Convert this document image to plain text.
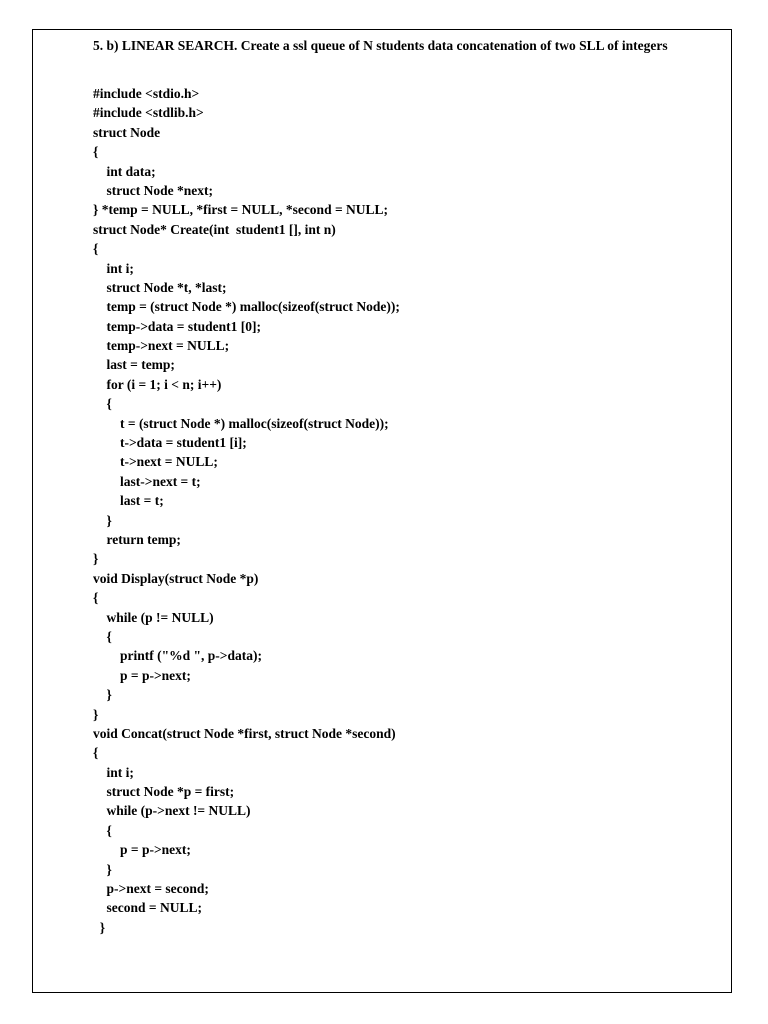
5. b) LINEAR SEARCH. Create a ssl queue of N students data concatenation of two SLL of integers

#include <stdio.h>
#include <stdlib.h>
struct Node
{
int data;
struct Node *next;
} *temp = NULL, *first = NULL, *second = NULL;
struct Node* Create(int  student1 [], int n)
{
int i;
struct Node *t, *last;
temp = (struct Node *) malloc(sizeof(struct Node));
temp->data = student1 [0];
temp->next = NULL;
last = temp;
for (i = 1; i < n; i++)
{
t = (struct Node *) malloc(sizeof(struct Node));
t->data = student1 [i];
t->next = NULL;
last->next = t;
last = t;
}
return temp;
}
void Display(struct Node *p)
{
while (p != NULL)
{
printf ("%d ", p->data);
p = p->next;
}
}
void Concat(struct Node *first, struct Node *second)
{
int i;
struct Node *p = first;
while (p->next != NULL)
{
p = p->next;
}
p->next = second;
second = NULL;
}
